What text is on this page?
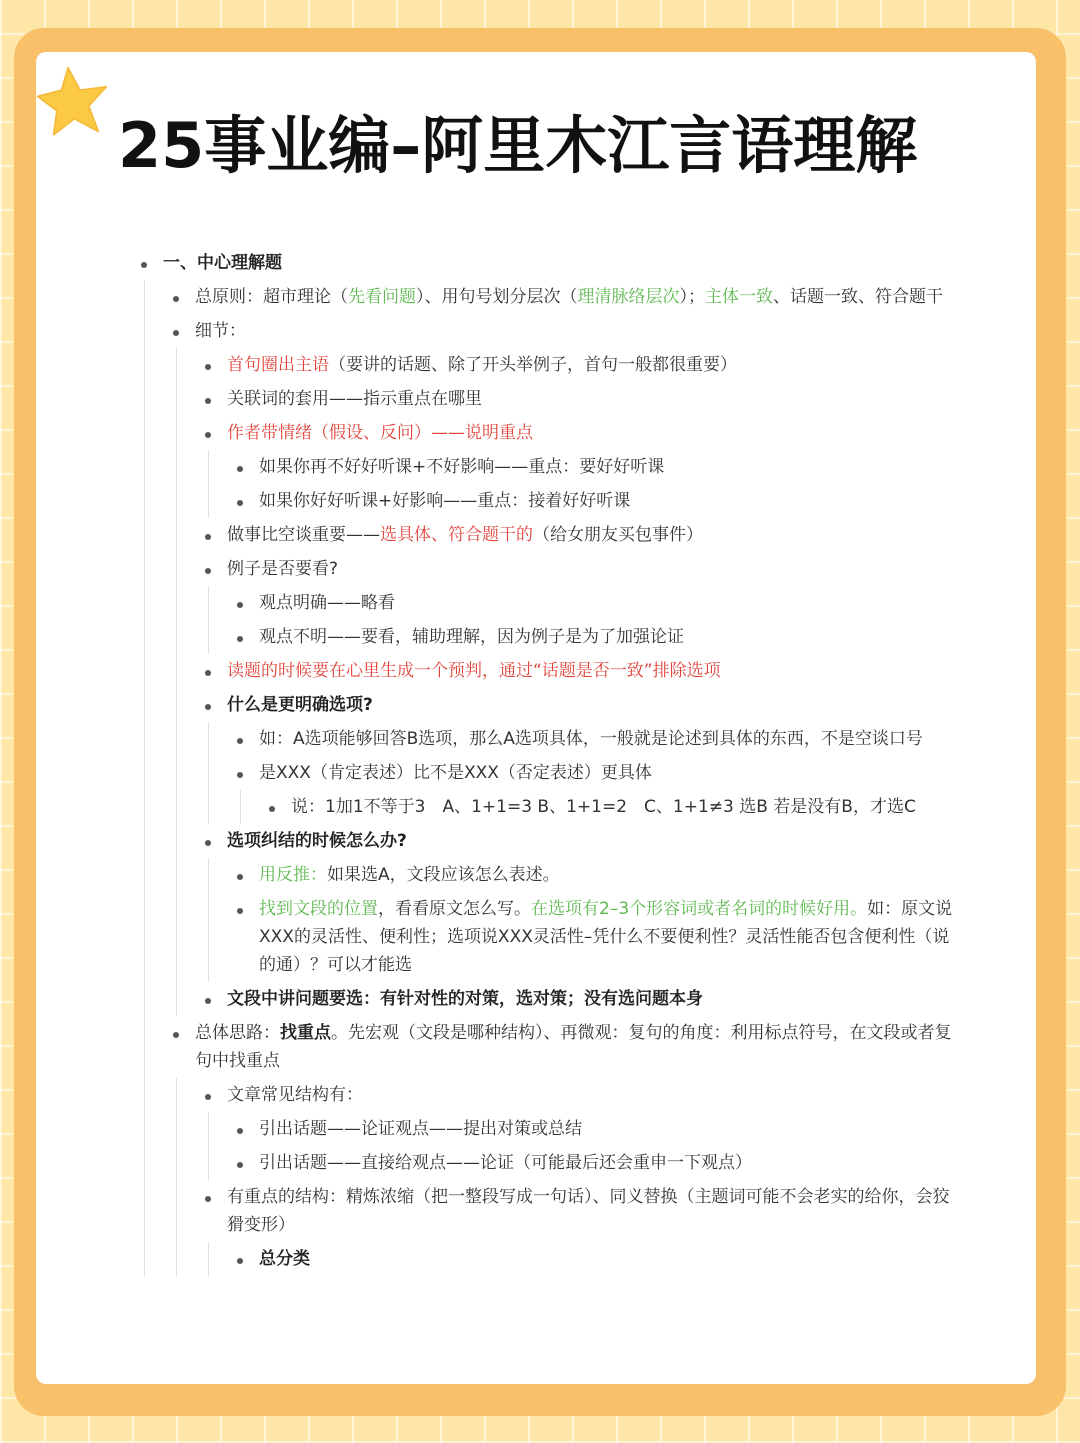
25事业编–阿里木江言语理解
一、中心理解题
总原则：超市理论（先看问题）、用句号划分层次（理清脉络层次）；主体一致、话题一致、符合题干
细节：
首句圈出主语（要讲的话题、除了开头举例子，首句一般都很重要）
关联词的套用——指示重点在哪里
作者带情绪（假设、反问）——说明重点
如果你再不好好听课+不好影响——重点：要好好听课
如果你好好听课+好影响——重点：接着好好听课
做事比空谈重要——选具体、符合题干的（给女朋友买包事件）
例子是否要看?
观点明确——略看
观点不明——要看，辅助理解，因为例子是为了加强论证
读题的时候要在心里生成一个预判，通过“话题是否一致”排除选项
什么是更明确选项?
如：A选项能够回答B选项，那么A选项具体，一般就是论述到具体的东西，不是空谈口号
是XXX（肯定表述）比不是XXX（否定表述）更具体
说：1加1不等于3　A、1+1=3 B、1+1=2　C、1+1≠3 选B 若是没有B，才选C
选项纠结的时候怎么办?
用反推：如果选A，文段应该怎么表述。
找到文段的位置，看看原文怎么写。在选项有2–3个形容词或者名词的时候好用。如：原文说XXX的灵活性、便利性；选项说XXX灵活性–凭什么不要便利性？灵活性能否包含便利性（说的通）？可以才能选
文段中讲问题要选：有针对性的对策，选对策；没有选问题本身
总体思路：找重点。先宏观（文段是哪种结构）、再微观：复句的角度：利用标点符号，在文段或者复句中找重点
文章常见结构有：
引出话题——论证观点——提出对策或总结
引出话题——直接给观点——论证（可能最后还会重申一下观点）
有重点的结构：精炼浓缩（把一整段写成一句话）、同义替换（主题词可能不会老实的给你，会狡猾变形）
总分类
